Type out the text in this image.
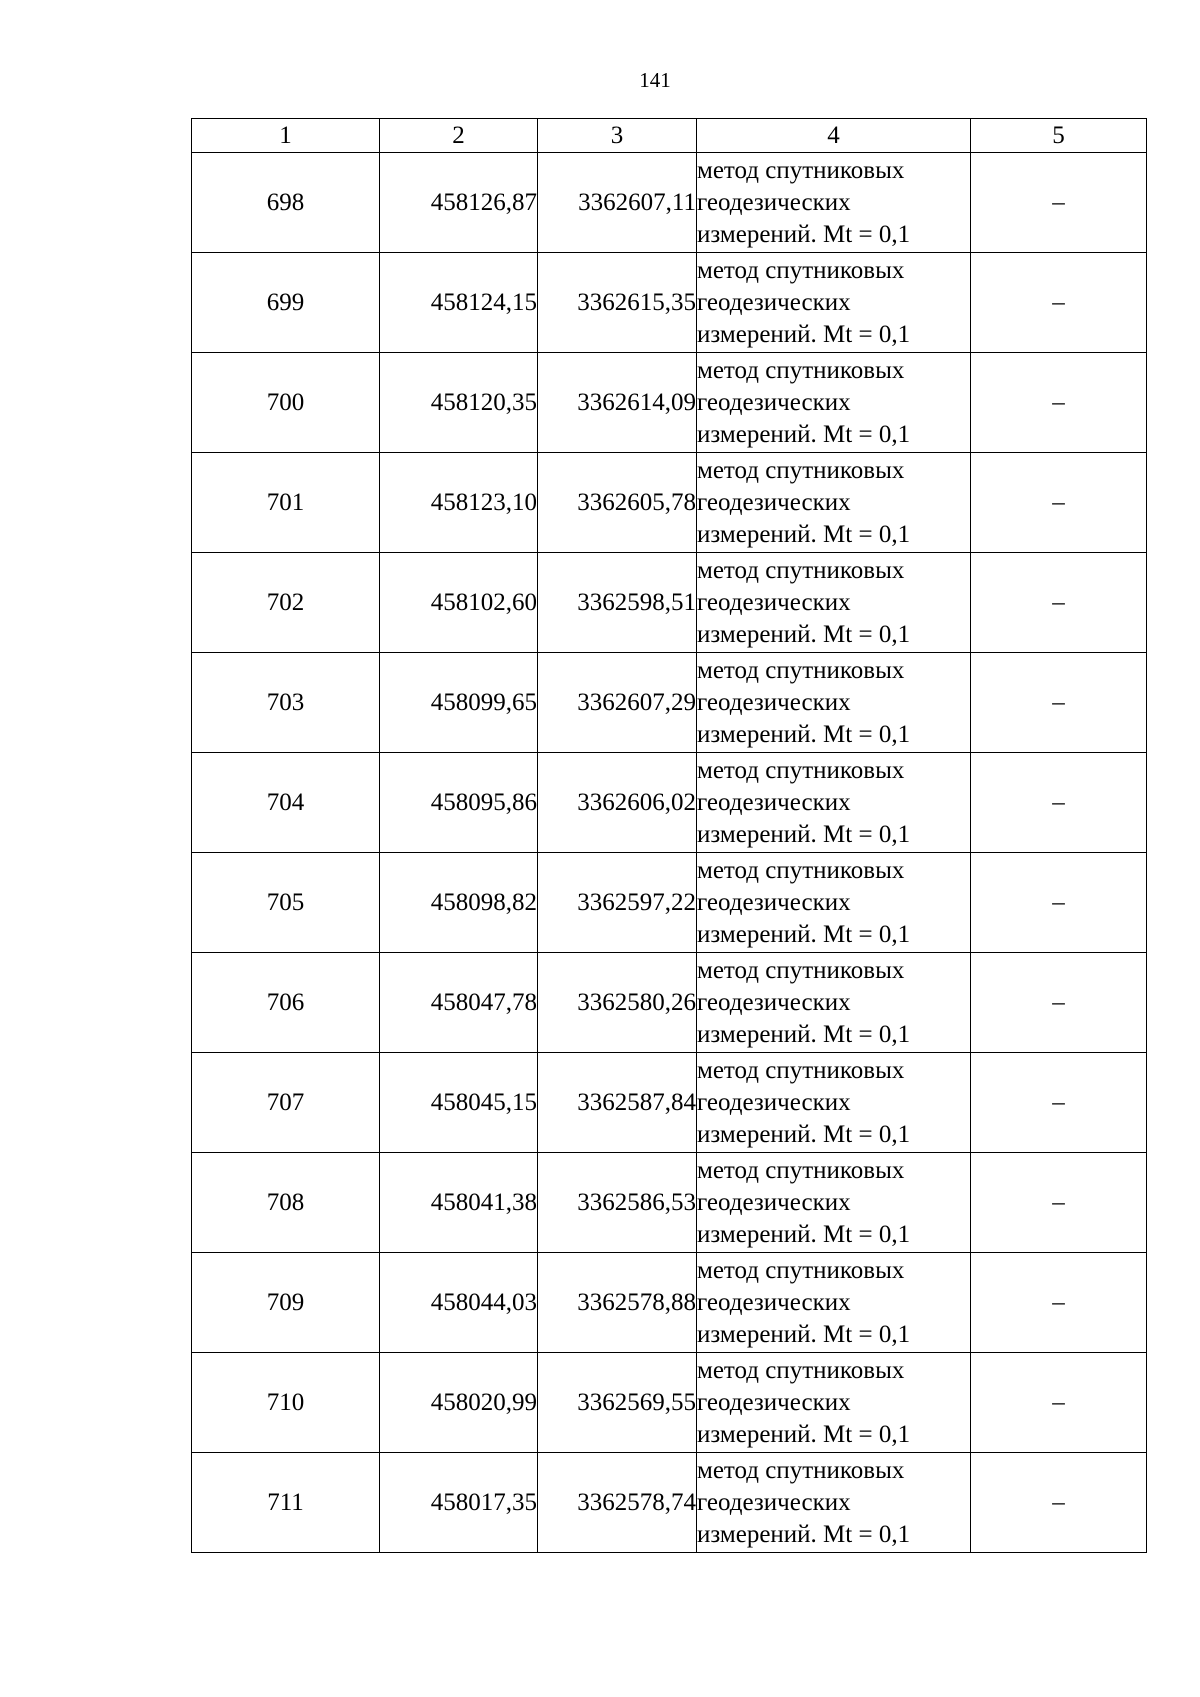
141
1	2	3	4	5
698	458126,87	3362607,11	метод спутниковых
геодезических
измерений. Mt = 0,1	–
699	458124,15	3362615,35	метод спутниковых
геодезических
измерений. Mt = 0,1	–
700	458120,35	3362614,09	метод спутниковых
геодезических
измерений. Mt = 0,1	–
701	458123,10	3362605,78	метод спутниковых
геодезических
измерений. Mt = 0,1	–
702	458102,60	3362598,51	метод спутниковых
геодезических
измерений. Mt = 0,1	–
703	458099,65	3362607,29	метод спутниковых
геодезических
измерений. Mt = 0,1	–
704	458095,86	3362606,02	метод спутниковых
геодезических
измерений. Mt = 0,1	–
705	458098,82	3362597,22	метод спутниковых
геодезических
измерений. Mt = 0,1	–
706	458047,78	3362580,26	метод спутниковых
геодезических
измерений. Mt = 0,1	–
707	458045,15	3362587,84	метод спутниковых
геодезических
измерений. Mt = 0,1	–
708	458041,38	3362586,53	метод спутниковых
геодезических
измерений. Mt = 0,1	–
709	458044,03	3362578,88	метод спутниковых
геодезических
измерений. Mt = 0,1	–
710	458020,99	3362569,55	метод спутниковых
геодезических
измерений. Mt = 0,1	–
711	458017,35	3362578,74	метод спутниковых
геодезических
измерений. Mt = 0,1	–
